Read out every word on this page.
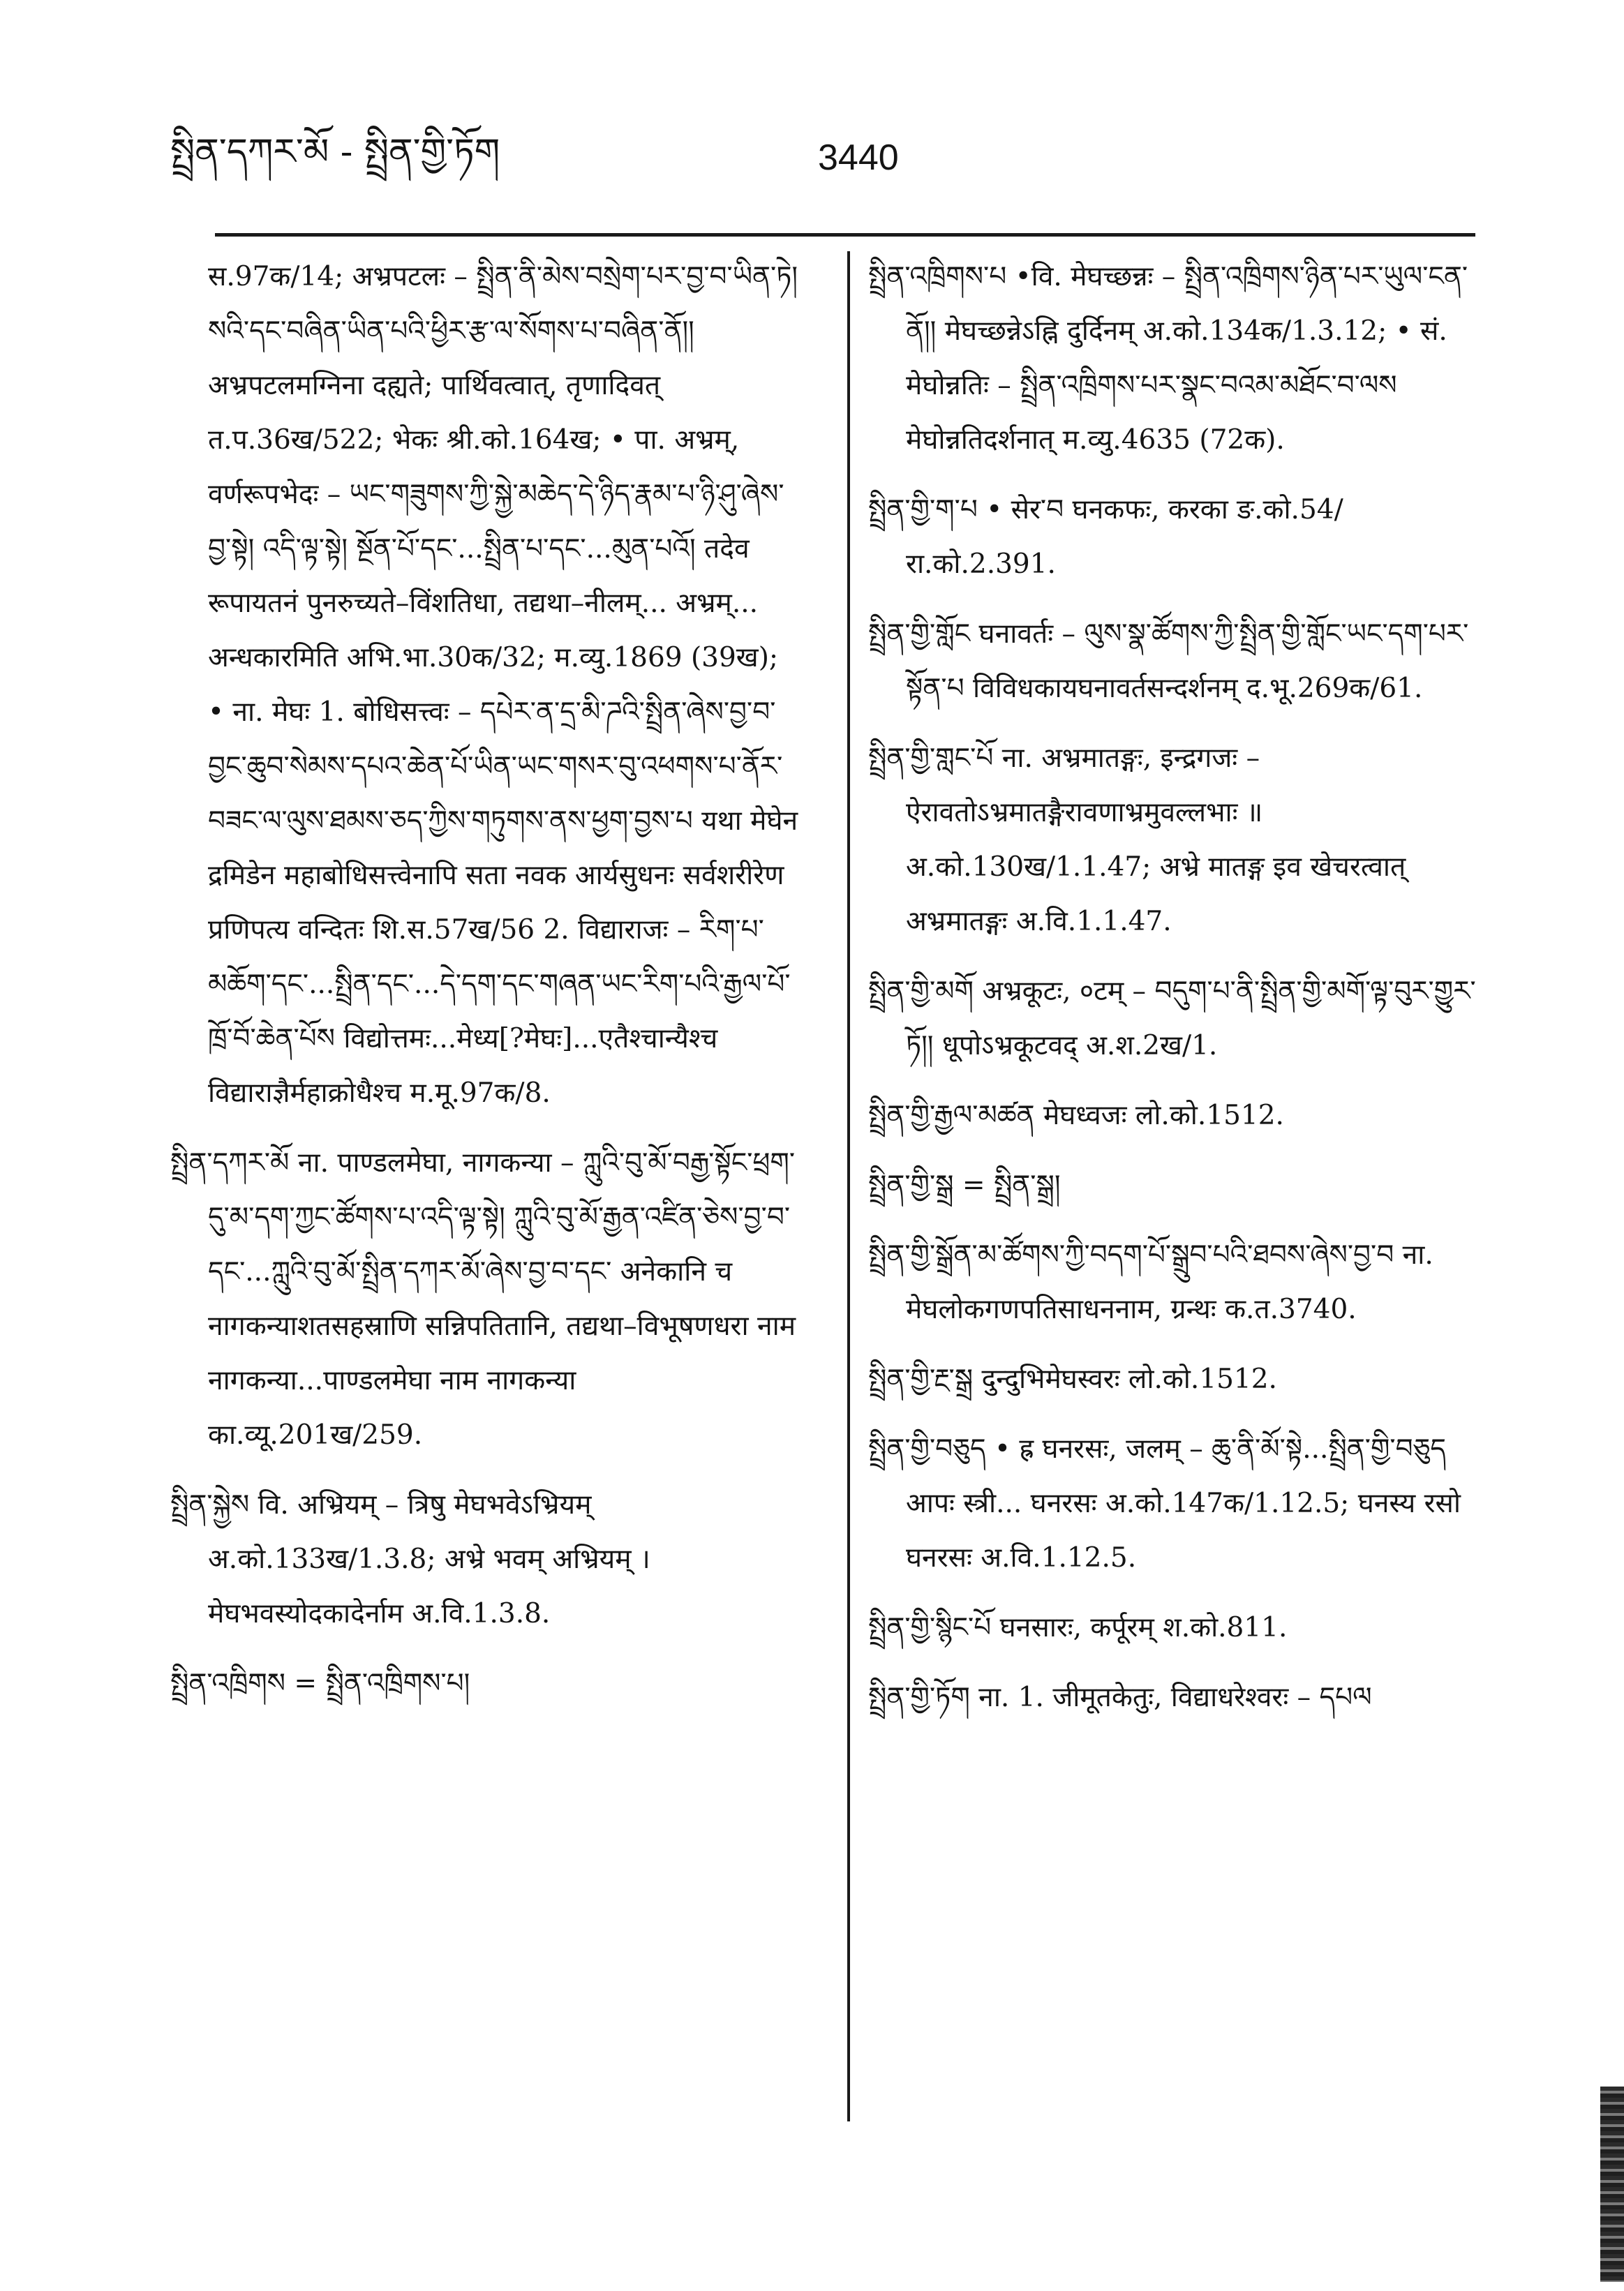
སྤྲིན་དཀར་མོ - སྤྲིན་གྱི་ཏོག	3440

स.97क/14; अभ्रपटलः – སྤྲིན་ནི་མེས་བསྲེག་པར་བྱ་བ་ཡིན་ཏེ། སའི་དང་བཞིན་ཡིན་པའི་ཕྱིར་རྩ་ལ་སོགས་པ་བཞིན་ནོ།། अभ्रपटलमग्निना दह्यते; पार्थिवत्वात्, तृणादिवत् त.प.36ख/522; भेकः श्री.को.164ख; • पा. अभ्रम्, वर्णरूपभेदः – ཡང་གཟུགས་ཀྱི་སྐྱེ་མཆེད་དེ་ཉིད་རྣམ་པ་ཉི་ཤུ་ཞེས་བྱ་སྟེ། འདི་ལྟ་སྟེ། སྔོན་པོ་དང་...སྤྲིན་པ་དང་...མུན་པའོ། तदेव रूपायतनं पुनरुच्यते–विंशतिधा, तद्यथा–नीलम्... अभ्रम्... अन्धकारमिति अभि.भा.30क/32; म.व्यु.1869 (39ख); • ना. मेघः 1. बोधिसत्त्वः – དཔེར་ན་དྲ་མི་ཌའི་སྤྲིན་ཞེས་བྱ་བ་བྱང་ཆུབ་སེམས་དཔའ་ཆེན་པོ་ཡིན་ཡང་གསར་བུ་འཕགས་པ་ནོར་བཟང་ལ་ལུས་ཐམས་ཅད་ཀྱིས་གཏུགས་ནས་ཕྱག་བྱས་པ यथा मेघेन द्रमिडेन महाबोधिसत्त्वेनापि सता नवक आर्यसुधनः सर्वशरीरेण प्रणिपत्य वन्दितः शि.स.57ख/56 2. विद्याराजः – རིག་པ་མཆོག་དང་...སྤྲིན་དང་...དེ་དག་དང་གཞན་ཡང་རིག་པའི་རྒྱལ་པོ་ཁྲོ་བོ་ཆེན་པོས विद्योत्तमः...मेध्य[?मेघः]...एतैश्चान्यैश्च विद्याराज्ञैर्महाक्रोधैश्च म.मू.97क/8.

སྤྲིན་དཀར་མོ ना. पाण्डलमेघा, नागकन्या – ཀླུའི་བུ་མོ་བརྒྱ་སྟོང་ཕྲག་དུ་མ་དག་ཀྱང་ཚོགས་པ་འདི་ལྟ་སྟེ། ཀླུའི་བུ་མོ་རྒྱན་འཛིན་ཅེས་བྱ་བ་དང་...ཀླུའི་བུ་མོ་སྤྲིན་དཀར་མོ་ཞེས་བྱ་བ་དང་ अनेकानि च नागकन्याशतसहस्राणि सन्निपतितानि, तद्यथा–विभूषणधरा नाम नागकन्या...पाण्डलमेघा नाम नागकन्या का.व्यू.201ख/259.

སྤྲིན་སྐྱེས वि. अभ्रियम् – त्रिषु मेघभवेऽभ्रियम् अ.को.133ख/1.3.8; अभ्रे भवम् अभ्रियम् । मेघभवस्योदकादेर्नाम अ.वि.1.3.8.

སྤྲིན་འཁྲིགས = སྤྲིན་འཁྲིགས་པ།

སྤྲིན་འཁྲིགས་པ •वि. मेघच्छन्नः – སྤྲིན་འཁྲིགས་ཉིན་པར་ཡུལ་ངན་ནོ།། मेघच्छन्नेऽह्नि दुर्दिनम् अ.को.134क/1.3.12; • सं. मेघोन्नतिः – སྤྲིན་འཁྲིགས་པར་སྣང་བའམ་མཐོང་བ་ལས मेघोन्नतिदर्शनात् म.व्यु.4635 (72क).

སྤྲིན་གྱི་ག་པ • सेर་བ घनकफः, करका ङ.को.54/रा.को.2.391.

སྤྲིན་གྱི་གློང घनावर्तः – ལུས་སྣ་ཚོགས་ཀྱི་སྤྲིན་གྱི་གློང་ཡང་དག་པར་སྟོན་པ विविधकायघनावर्तसन्दर्शनम् द.भू.269क/61.

སྤྲིན་གྱི་གླང་པོ ना. अभ्रमातङ्गः, इन्द्रगजः – ऐरावतोऽभ्रमातङ्गैरावणाभ्रमुवल्लभाः ॥ अ.को.130ख/1.1.47; अभ्रे मातङ्ग इव खेचरत्वात् अभ्रमातङ्गः अ.वि.1.1.47.

སྤྲིན་གྱི་མགོ अभ्रकूटः, ०टम् – བདུག་པ་ནི་སྤྲིན་གྱི་མགོ་ལྟ་བུར་གྱུར་ཏོ།། धूपोऽभ्रकूटवद् अ.श.2ख/1.

སྤྲིན་གྱི་རྒྱལ་མཚན मेघध्वजः लो.को.1512.

སྤྲིན་གྱི་སྒྲ = སྤྲིན་སྒྲ།

སྤྲིན་གྱི་སྒྲོན་མ་ཚོགས་ཀྱི་བདག་པོ་སྒྲུབ་པའི་ཐབས་ཞེས་བྱ་བ ना. मेघलोकगणपतिसाधननाम, ग्रन्थः क.त.3740.

སྤྲིན་གྱི་རྔ་སྒྲ दुन्दुभिमेघस्वरः लो.को.1512.

སྤྲིན་གྱི་བཅུད • ह्र घनरसः, जलम् – ཆུ་ནི་མོ་སྟེ...སྤྲིན་གྱི་བཅུད आपः स्त्री... घनरसः अ.को.147क/1.12.5; घनस्य रसो घनरसः अ.वि.1.12.5.

སྤྲིན་གྱི་སྙིང་པོ घनसारः, कर्पूरम् श.को.811.

སྤྲིན་གྱི་ཏོག ना. 1. जीमूतकेतुः, विद्याधरेश्वरः – དཔལ
